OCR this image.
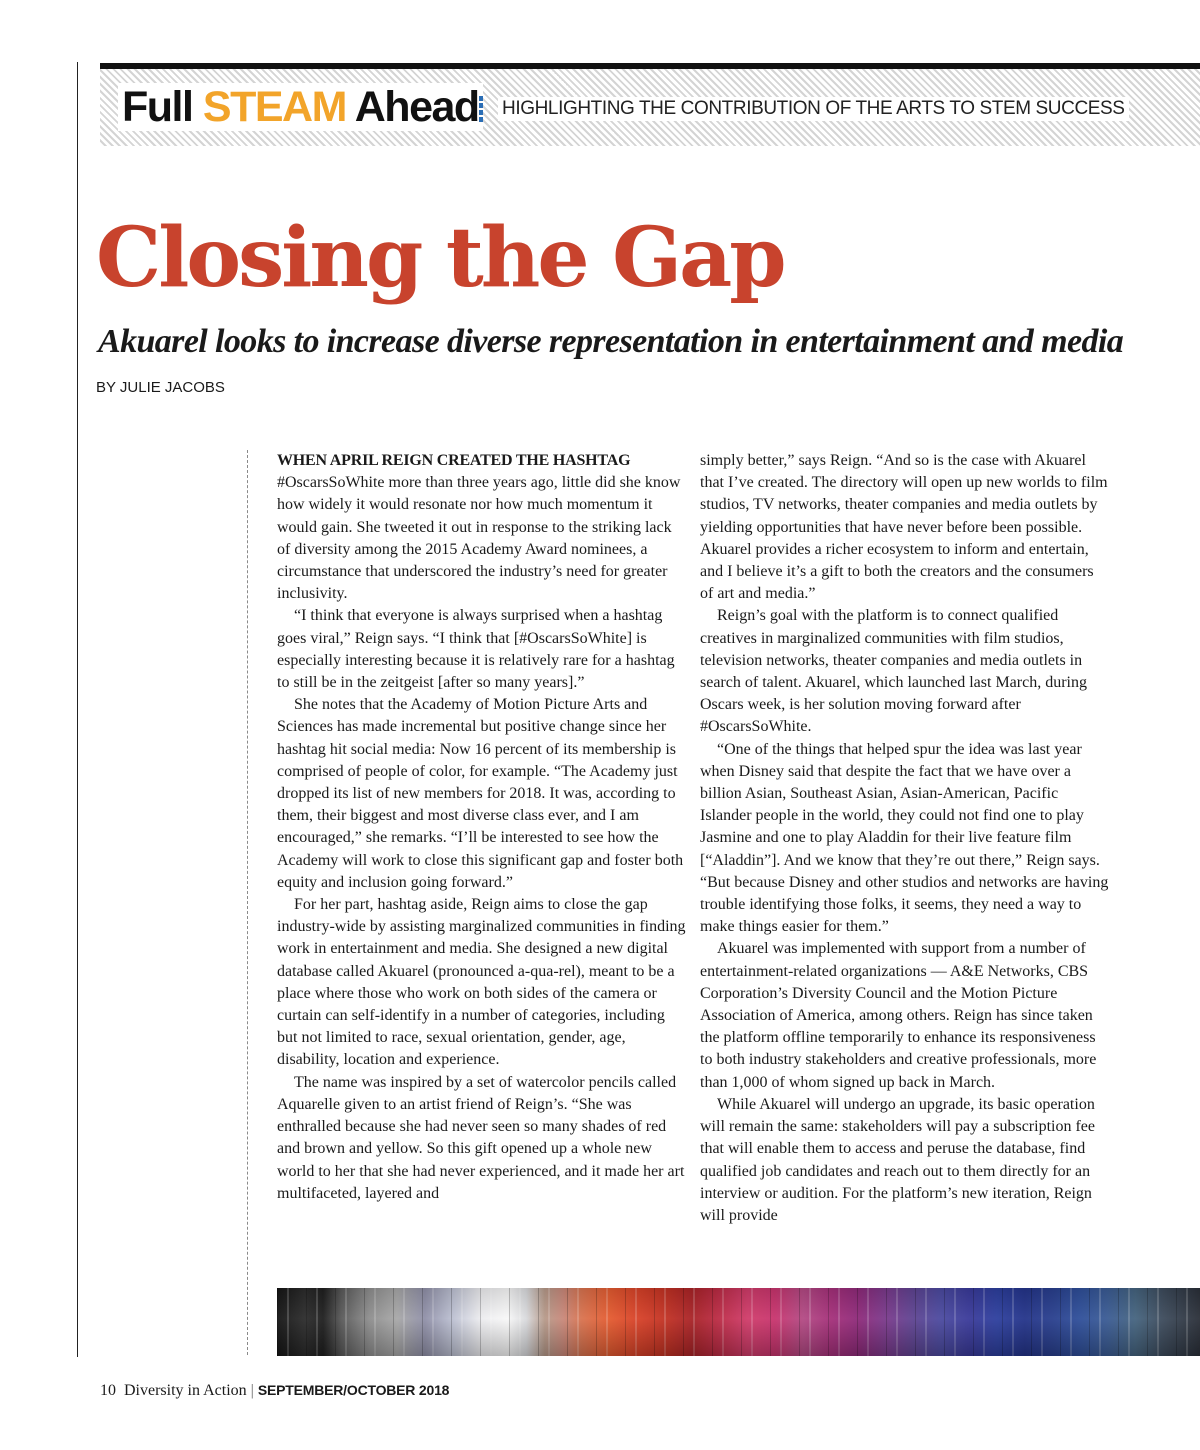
Full STEAM Ahead HIGHLIGHTING THE CONTRIBUTION OF THE ARTS TO STEM SUCCESS
Closing the Gap
Akuarel looks to increase diverse representation in entertainment and media
BY JULIE JACOBS

WHEN APRIL REIGN CREATED THE HASHTAG
#OscarsSoWhite more than three years ago, little did she know how widely it would resonate nor how much momentum it would gain. She tweeted it out in response to the striking lack of diversity among the 2015 Academy Award nominees, a circumstance that underscored the industry’s need for greater inclusivity.

“I think that everyone is always surprised when a hashtag goes viral,” Reign says. “I think that [#OscarsSoWhite] is especially interesting because it is relatively rare for a hashtag to still be in the zeitgeist [after so many years].”

She notes that the Academy of Motion Picture Arts and Sciences has made incremental but positive change since her hashtag hit social media: Now 16 percent of its membership is comprised of people of color, for example. “The Academy just dropped its list of new members for 2018. It was, according to them, their biggest and most diverse class ever, and I am encouraged,” she remarks. “I’ll be interested to see how the Academy will work to close this significant gap and foster both equity and inclusion going forward.”

For her part, hashtag aside, Reign aims to close the gap industry-wide by assisting marginalized communities in finding work in entertainment and media. She designed a new digital database called Akuarel (pronounced a-qua-rel), meant to be a place where those who work on both sides of the camera or curtain can self-identify in a number of categories, including but not limited to race, sexual orientation, gender, age, disability, location and experience.

The name was inspired by a set of watercolor pencils called Aquarelle given to an artist friend of Reign’s. “She was enthralled because she had never seen so many shades of red and brown and yellow. So this gift opened up a whole new world to her that she had never experienced, and it made her art multifaceted, layered and

simply better,” says Reign. “And so is the case with Akuarel that I’ve created. The directory will open up new worlds to film studios, TV networks, theater companies and media outlets by yielding opportunities that have never before been possible. Akuarel provides a richer ecosystem to inform and entertain, and I believe it’s a gift to both the creators and the consumers of art and media.”

Reign’s goal with the platform is to connect qualified creatives in marginalized communities with film studios, television networks, theater companies and media outlets in search of talent. Akuarel, which launched last March, during Oscars week, is her solution moving forward after #OscarsSoWhite.

“One of the things that helped spur the idea was last year when Disney said that despite the fact that we have over a billion Asian, Southeast Asian, Asian-American, Pacific Islander people in the world, they could not find one to play Jasmine and one to play Aladdin for their live feature film [“Aladdin”]. And we know that they’re out there,” Reign says. “But because Disney and other studios and networks are having trouble identifying those folks, it seems, they need a way to make things easier for them.”

Akuarel was implemented with support from a number of entertainment-related organizations — A&E Networks, CBS Corporation’s Diversity Council and the Motion Picture Association of America, among others. Reign has since taken the platform offline temporarily to enhance its responsiveness to both industry stakeholders and creative professionals, more than 1,000 of whom signed up back in March.

While Akuarel will undergo an upgrade, its basic operation will remain the same: stakeholders will pay a subscription fee that will enable them to access and peruse the database, find qualified job candidates and reach out to them directly for an interview or audition. For the platform’s new iteration, Reign will provide

10 Diversity in Action | SEPTEMBER/OCTOBER 2018
